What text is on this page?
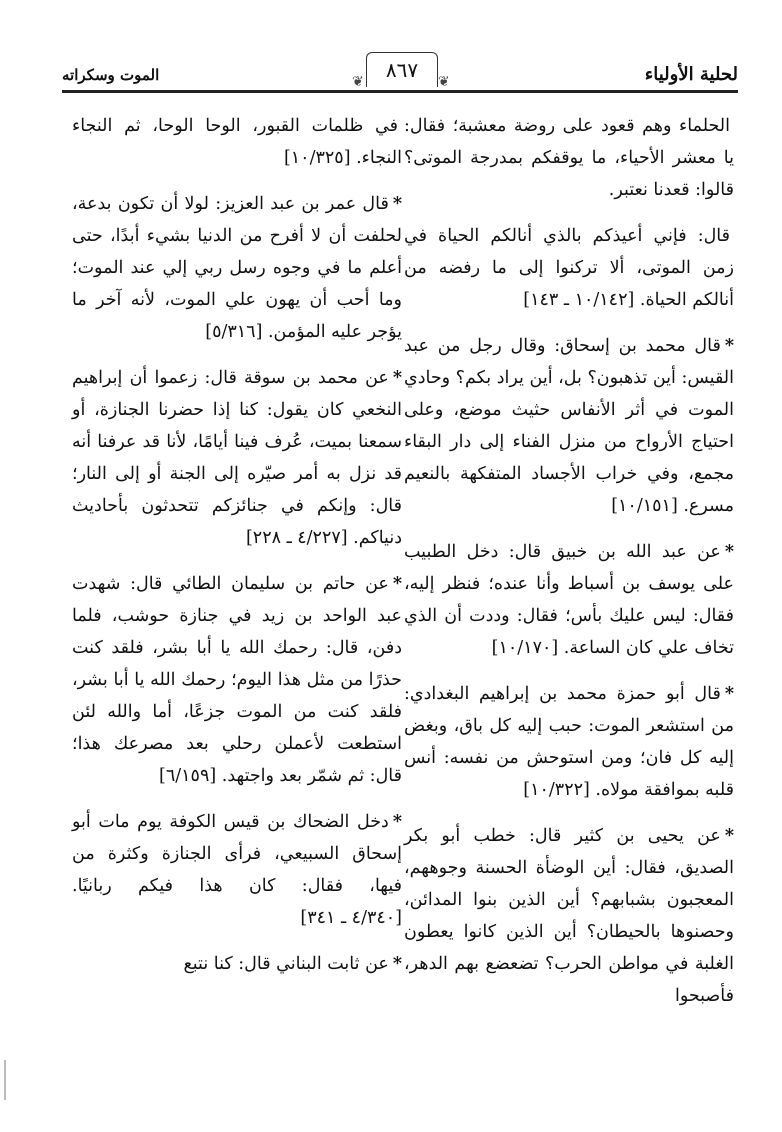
لحلية الأولياء
❦
٨٦٧
❦
الموت وسكراته

الحلماء وهم قعود على روضة معشبة؛ فقال: يا معشر الأحياء، ما يوقفكم بمدرجة الموتى؟ قالوا: قعدنا نعتبر.

قال: فإني أعيذكم بالذي أنالكم الحياة في زمن الموتى، ألا تركنوا إلى ما رفضه من أنالكم الحياة. [١٠/١٤٢ ـ ١٤٣]

*قال محمد بن إسحاق: وقال رجل من عبد القيس: أين تذهبون؟ بل، أين يراد بكم؟ وحادي الموت في أثر الأنفاس حثيث موضع، وعلى احتياج الأرواح من منزل الفناء إلى دار البقاء مجمع، وفي خراب الأجساد المتفكهة بالنعيم مسرع. [١٠/١٥١]

*عن عبد الله بن خبيق قال: دخل الطبيب على يوسف بن أسباط وأنا عنده؛ فنظر إليه، فقال: ليس عليك بأس؛ فقال: وددت أن الذي تخاف علي كان الساعة. [١٠/١٧٠]

*قال أبو حمزة محمد بن إبراهيم البغدادي: من استشعر الموت: حبب إليه كل باق، وبغض إليه كل فان؛ ومن استوحش من نفسه: أنس قلبه بموافقة مولاه. [١٠/٣٢٢]

*عن يحيى بن كثير قال: خطب أبو بكر الصديق، فقال: أين الوضأة الحسنة وجوههم، المعجبون بشبابهم؟ أين الذين بنوا المدائن، وحصنوها بالحيطان؟ أين الذين كانوا يعطون الغلبة في مواطن الحرب؟ تضعضع بهم الدهر، فأصبحوا

في ظلمات القبور، الوحا الوحا، ثم النجاء النجاء. [١٠/٣٢٥]

*قال عمر بن عبد العزيز: لولا أن تكون بدعة، لحلفت أن لا أفرح من الدنيا بشيء أبدًا، حتى أعلم ما في وجوه رسل ربي إلي عند الموت؛ وما أحب أن يهون علي الموت، لأنه آخر ما يؤجر عليه المؤمن. [٥/٣١٦]

*عن محمد بن سوقة قال: زعموا أن إبراهيم النخعي كان يقول: كنا إذا حضرنا الجنازة، أو سمعنا بميت، عُرف فينا أيامًا، لأنا قد عرفنا أنه قد نزل به أمر صيّره إلى الجنة أو إلى النار؛ قال: وإنكم في جنائزكم تتحدثون بأحاديث دنياكم. [٤/٢٢٧ ـ ٢٢٨]

*عن حاتم بن سليمان الطائي قال: شهدت عبد الواحد بن زيد في جنازة حوشب، فلما دفن، قال: رحمك الله يا أبا بشر، فلقد كنت حذرًا من مثل هذا اليوم؛ رحمك الله يا أبا بشر، فلقد كنت من الموت جزعًا، أما والله لئن استطعت لأعملن رحلي بعد مصرعك هذا؛ قال: ثم شمّر بعد واجتهد. [٦/١٥٩]

*دخل الضحاك بن قيس الكوفة يوم مات أبو إسحاق السبيعي، فرأى الجنازة وكثرة من فيها، فقال: كان هذا فيكم ربانيًا. [٤/٣٤٠ ـ ٣٤١]

*عن ثابت البناني قال: كنا نتبع
